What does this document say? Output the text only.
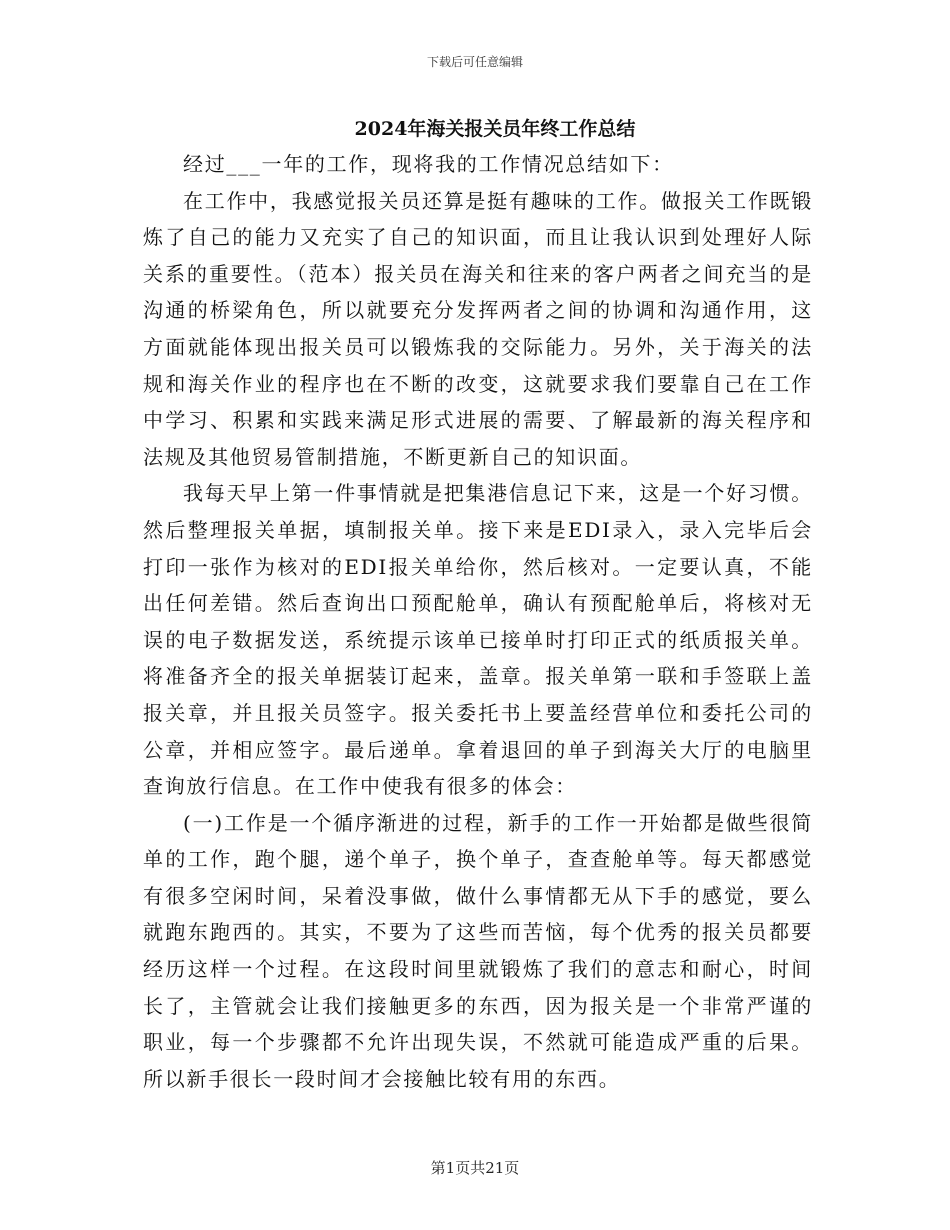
下载后可任意编辑
2024年海关报关员年终工作总结

经过___一年的工作，现将我的工作情况总结如下：

在工作中，我感觉报关员还算是挺有趣味的工作。做报关工作既锻炼了自己的能力又充实了自己的知识面，而且让我认识到处理好人际关系的重要性。（范本）报关员在海关和往来的客户两者之间充当的是沟通的桥梁角色，所以就要充分发挥两者之间的协调和沟通作用，这方面就能体现出报关员可以锻炼我的交际能力。另外，关于海关的法规和海关作业的程序也在不断的改变，这就要求我们要靠自己在工作中学习、积累和实践来满足形式进展的需要、了解最新的海关程序和法规及其他贸易管制措施，不断更新自己的知识面。

我每天早上第一件事情就是把集港信息记下来，这是一个好习惯。然后整理报关单据，填制报关单。接下来是EDI录入，录入完毕后会打印一张作为核对的EDI报关单给你，然后核对。一定要认真，不能出任何差错。然后查询出口预配舱单，确认有预配舱单后，将核对无误的电子数据发送，系统提示该单已接单时打印正式的纸质报关单。将准备齐全的报关单据装订起来，盖章。报关单第一联和手签联上盖报关章，并且报关员签字。报关委托书上要盖经营单位和委托公司的公章，并相应签字。最后递单。拿着退回的单子到海关大厅的电脑里查询放行信息。在工作中使我有很多的体会：

(一)工作是一个循序渐进的过程，新手的工作一开始都是做些很简单的工作，跑个腿，递个单子，换个单子，查查舱单等。每天都感觉有很多空闲时间，呆着没事做，做什么事情都无从下手的感觉，要么就跑东跑西的。其实，不要为了这些而苦恼，每个优秀的报关员都要经历这样一个过程。在这段时间里就锻炼了我们的意志和耐心，时间长了，主管就会让我们接触更多的东西，因为报关是一个非常严谨的职业，每一个步骤都不允许出现失误，不然就可能造成严重的后果。所以新手很长一段时间才会接触比较有用的东西。

第1页共21页
